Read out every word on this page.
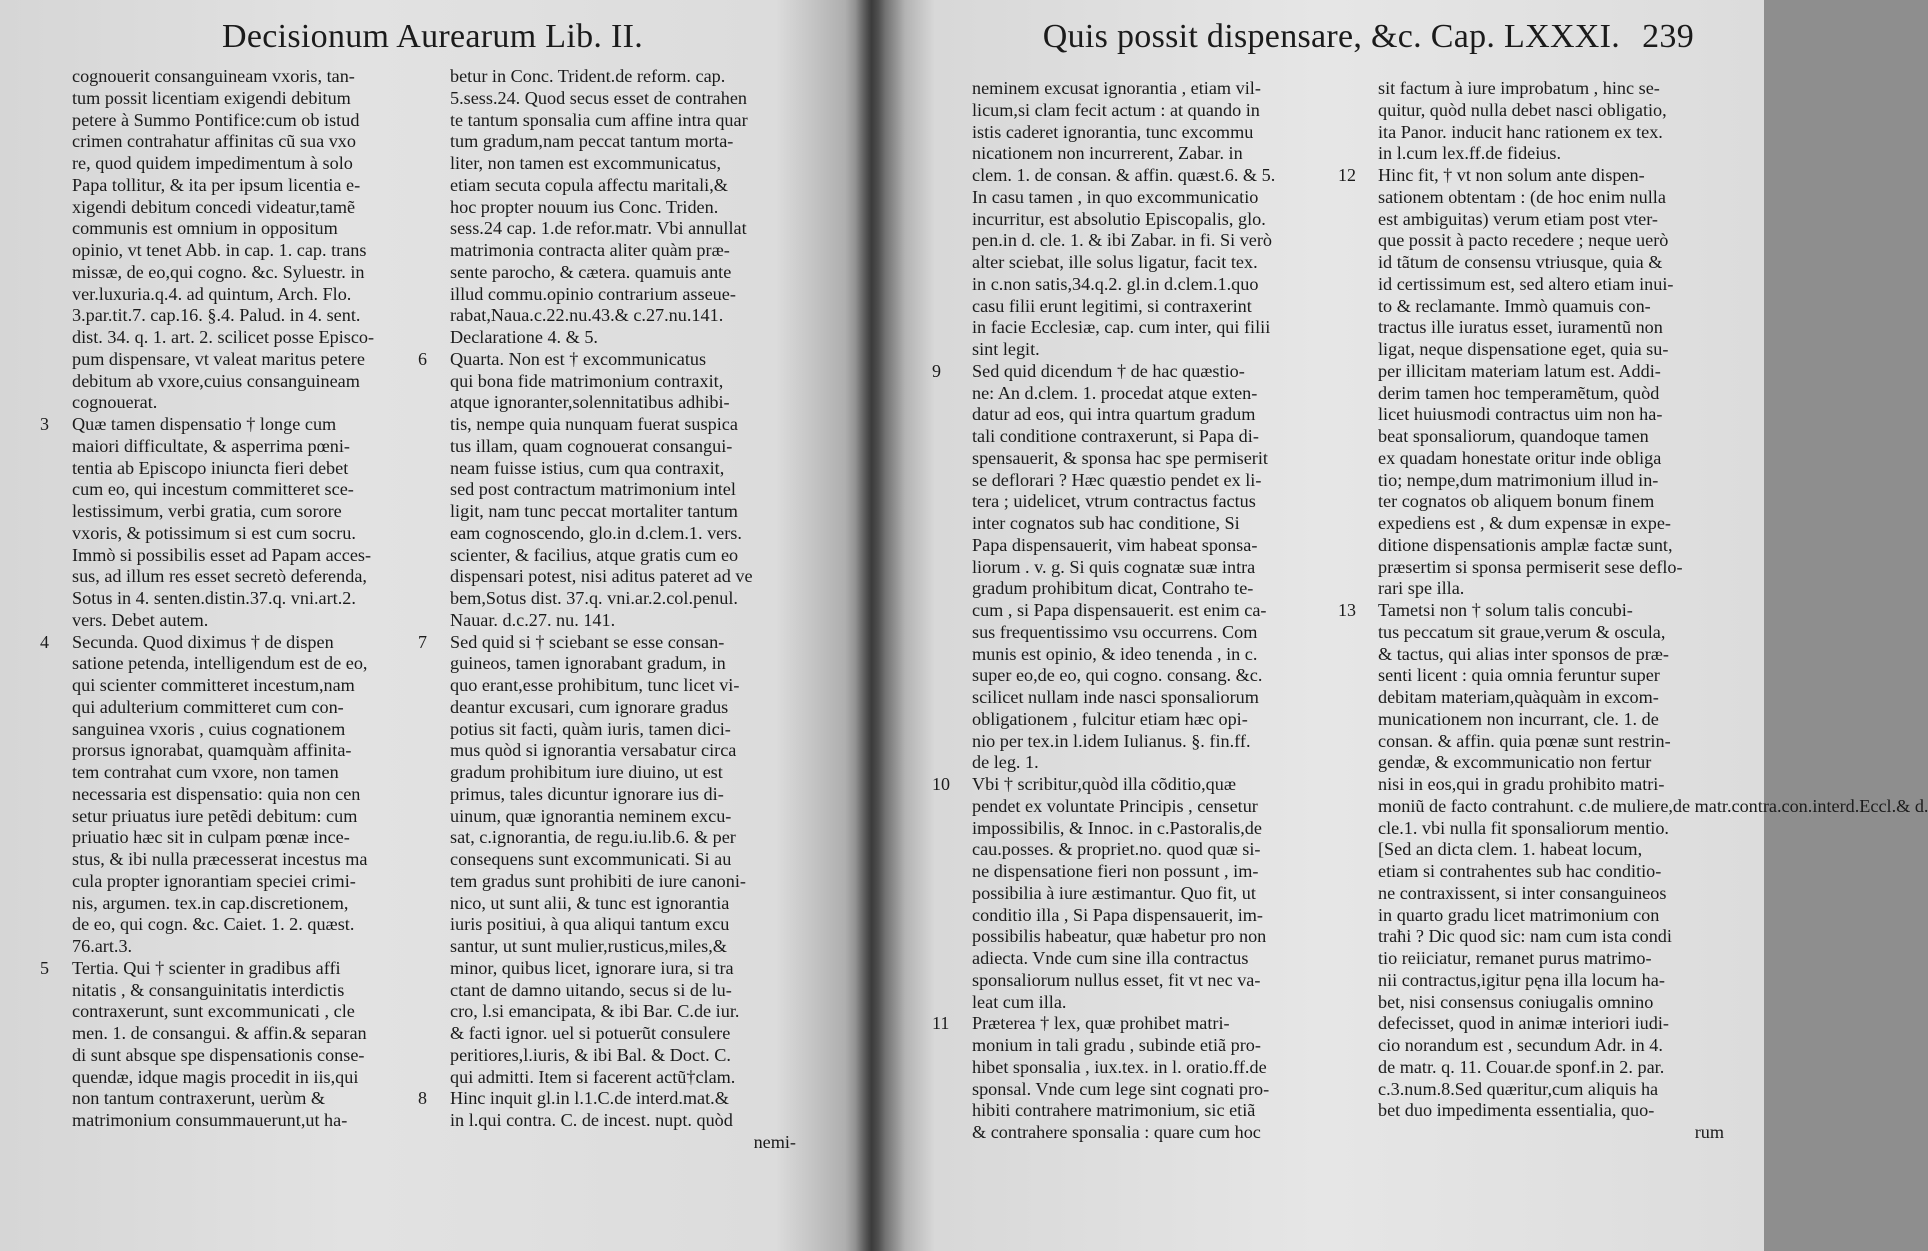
Decisionum Aurearum Lib. II.
cognouerit consanguineam vxoris, tan-
tum possit licentiam exigendi debitum
petere à Summo Pontifice:cum ob istud
crimen contrahatur affinitas cũ sua vxo
re, quod quidem impedimentum à solo
Papa tollitur, & ita per ipsum licentia e-
xigendi debitum concedi videatur,tamẽ
communis est omnium in oppositum
opinio, vt tenet Abb. in cap. 1. cap. trans
missæ, de eo,qui cogno. &c. Syluestr. in
ver.luxuria.q.4. ad quintum, Arch. Flo.
3.par.tit.7. cap.16. §.4. Palud. in 4. sent.
dist. 34. q. 1. art. 2. scilicet posse Episco-
pum dispensare, vt valeat maritus petere
debitum ab vxore,cuius consanguineam
cognouerat.
3 Quæ tamen dispensatio † longe cum
maiori difficultate, & asperrima pœni-
tentia ab Episcopo iniuncta fieri debet
cum eo, qui incestum committeret sce-
lestissimum, verbi gratia, cum sorore
vxoris, & potissimum si est cum socru.
Immò si possibilis esset ad Papam acces-
sus, ad illum res esset secretò deferenda,
Sotus in 4. senten.distin.37.q. vni.art.2.
vers. Debet autem.
4 Secunda. Quod diximus † de dispen
satione petenda, intelligendum est de eo,
qui scienter committeret incestum,nam
qui adulterium committeret cum con-
sanguinea vxoris , cuius cognationem
prorsus ignorabat, quamquàm affinita-
tem contrahat cum vxore, non tamen
necessaria est dispensatio: quia non cen
setur priuatus iure petẽdi debitum: cum
priuatio hæc sit in culpam pœnæ ince-
stus, & ibi nulla præcesserat incestus ma
cula propter ignorantiam speciei crimi-
nis, argumen. tex.in cap.discretionem,
de eo, qui cogn. &c. Caiet. 1. 2. quæst.
76.art.3.
5 Tertia. Qui † scienter in gradibus affi
nitatis , & consanguinitatis interdictis
contraxerunt, sunt excommunicati , cle
men. 1. de consangui. & affin.& separan
di sunt absque spe dispensationis conse-
quendæ, idque magis procedit in iis,qui
non tantum contraxerunt, uerùm &
matrimonium consummauerunt,ut ha-
betur in Conc. Trident.de reform. cap.
5.sess.24. Quod secus esset de contrahen
te tantum sponsalia cum affine intra quar
tum gradum,nam peccat tantum morta-
liter, non tamen est excommunicatus,
etiam secuta copula affectu maritali,&
hoc propter nouum ius Conc. Triden.
sess.24 cap. 1.de refor.matr. Vbi annullat
matrimonia contracta aliter quàm præ-
sente parocho, & cætera. quamuis ante
illud commu.opinio contrarium asseue-
rabat,Naua.c.22.nu.43.& c.27.nu.141.
Declaratione 4. & 5.
6 Quarta. Non est † excommunicatus
qui bona fide matrimonium contraxit,
atque ignoranter,solennitatibus adhibi-
tis, nempe quia nunquam fuerat suspica
tus illam, quam cognouerat consangui-
neam fuisse istius, cum qua contraxit,
sed post contractum matrimonium intel
ligit, nam tunc peccat mortaliter tantum
eam cognoscendo, glo.in d.clem.1. vers.
scienter, & facilius, atque gratis cum eo
dispensari potest, nisi aditus pateret ad ve
bem,Sotus dist. 37.q. vni.ar.2.col.penul.
Nauar. d.c.27. nu. 141.
7 Sed quid si † sciebant se esse consan-
guineos, tamen ignorabant gradum, in
quo erant,esse prohibitum, tunc licet vi-
deantur excusari, cum ignorare gradus
potius sit facti, quàm iuris, tamen dici-
mus quòd si ignorantia versabatur circa
gradum prohibitum iure diuino, ut est
primus, tales dicuntur ignorare ius di-
uinum, quæ ignorantia neminem excu-
sat, c.ignorantia, de regu.iu.lib.6. & per
consequens sunt excommunicati. Si au
tem gradus sunt prohibiti de iure canoni-
nico, ut sunt alii, & tunc est ignorantia
iuris positiui, à qua aliqui tantum excu
santur, ut sunt mulier,rusticus,miles,&
minor, quibus licet, ignorare iura, si tra
ctant de damno uitando, secus si de lu-
cro, l.si emancipata, & ibi Bar. C.de iur.
& facti ignor. uel si potuerũt consulere
peritiores,l.iuris, & ibi Bal. & Doct. C.
qui admitti. Item si facerent actũ†clam.
8 Hinc inquit gl.in l.1.C.de interd.mat.&
in l.qui contra. C. de incest. nupt. quòd
nemi-
Quis possit dispensare, &c. Cap. LXXXI. 239
neminem excusat ignorantia , etiam vil-
licum,si clam fecit actum : at quando in
istis caderet ignorantia, tunc excommu
nicationem non incurrerent, Zabar. in
clem. 1. de consan. & affin. quæst.6. & 5.
In casu tamen , in quo excommunicatio
incurritur, est absolutio Episcopalis, glo.
pen.in d. cle. 1. & ibi Zabar. in fi. Si verò
alter sciebat, ille solus ligatur, facit tex.
in c.non satis,34.q.2. gl.in d.clem.1.quo
casu filii erunt legitimi, si contraxerint
in facie Ecclesiæ, cap. cum inter, qui filii
sint legit.
9 Sed quid dicendum † de hac quæstio-
ne: An d.clem. 1. procedat atque exten-
datur ad eos, qui intra quartum gradum
tali conditione contraxerunt, si Papa di-
spensauerit, & sponsa hac spe permiserit
se deflorari ? Hæc quæstio pendet ex li-
tera ; uidelicet, vtrum contractus factus
inter cognatos sub hac conditione, Si
Papa dispensauerit, vim habeat sponsa-
liorum . v. g. Si quis cognatæ suæ intra
gradum prohibitum dicat, Contraho te-
cum , si Papa dispensauerit. est enim ca-
sus frequentissimo vsu occurrens. Com
munis est opinio, & ideo tenenda , in c.
super eo,de eo, qui cogno. consang. &c.
scilicet nullam inde nasci sponsaliorum
obligationem , fulcitur etiam hæc opi-
nio per tex.in l.idem Iulianus. §. fin.ff.
de leg. 1.
10 Vbi † scribitur,quòd illa cõditio,quæ
pendet ex voluntate Principis , censetur
impossibilis, & Innoc. in c.Pastoralis,de
cau.posses. & propriet.no. quod quæ si-
ne dispensatione fieri non possunt , im-
possibilia à iure æstimantur. Quo fit, ut
conditio illa , Si Papa dispensauerit, im-
possibilis habeatur, quæ habetur pro non
adiecta. Vnde cum sine illa contractus
sponsaliorum nullus esset, fit vt nec va-
leat cum illa.
11 Præterea † lex, quæ prohibet matri-
monium in tali gradu , subinde etiã pro-
hibet sponsalia , iux.tex. in l. oratio.ff.de
sponsal. Vnde cum lege sint cognati pro-
hibiti contrahere matrimonium, sic etiã
& contrahere sponsalia : quare cum hoc
sit factum à iure improbatum , hinc se-
quitur, quòd nulla debet nasci obligatio,
ita Panor. inducit hanc rationem ex tex.
in l.cum lex.ff.de fideius.
12 Hinc fit, † vt non solum ante dispen-
sationem obtentam : (de hoc enim nulla
est ambiguitas) verum etiam post vter-
que possit à pacto recedere ; neque uerò
id tãtum de consensu vtriusque, quia &
id certissimum est, sed altero etiam inui-
to & reclamante. Immò quamuis con-
tractus ille iuratus esset, iuramentũ non
ligat, neque dispensatione eget, quia su-
per illicitam materiam latum est. Addi-
derim tamen hoc temperamẽtum, quòd
licet huiusmodi contractus uim non ha-
beat sponsaliorum, quandoque tamen
ex quadam honestate oritur inde obliga
tio; nempe,dum matrimonium illud in-
ter cognatos ob aliquem bonum finem
expediens est , & dum expensæ in expe-
ditione dispensationis amplæ factæ sunt,
præsertim si sponsa permiserit sese deflo-
rari spe illa.
13 Tametsi non † solum talis concubi-
tus peccatum sit graue,verum & oscula,
& tactus, qui alias inter sponsos de præ-
senti licent : quia omnia feruntur super
debitam materiam,quàquàm in excom-
municationem non incurrant, cle. 1. de
consan. & affin. quia pœnæ sunt restrin-
gendæ, & excommunicatio non fertur
nisi in eos,qui in gradu prohibito matri-
moniũ de facto contrahunt. c.de muliere,de matr.contra.con.interd.Eccl.& d.
cle.1. vbi nulla fit sponsaliorum mentio.
[Sed an dicta clem. 1. habeat locum,
etiam si contrahentes sub hac conditio-
ne contraxissent, si inter consanguineos
in quarto gradu licet matrimonium con
traħi ? Dic quod sic: nam cum ista condi
tio reiiciatur, remanet purus matrimo-
nii contractus,igitur pęna illa locum ha-
bet, nisi consensus coniugalis omnino
defecisset, quod in animæ interiori iudi-
cio norandum est , secundum Adr. in 4.
de matr. q. 11. Couar.de sponf.in 2. par.
c.3.num.8.Sed quæritur,cum aliquis ha
bet duo impedimenta essentialia, quo-
rum
